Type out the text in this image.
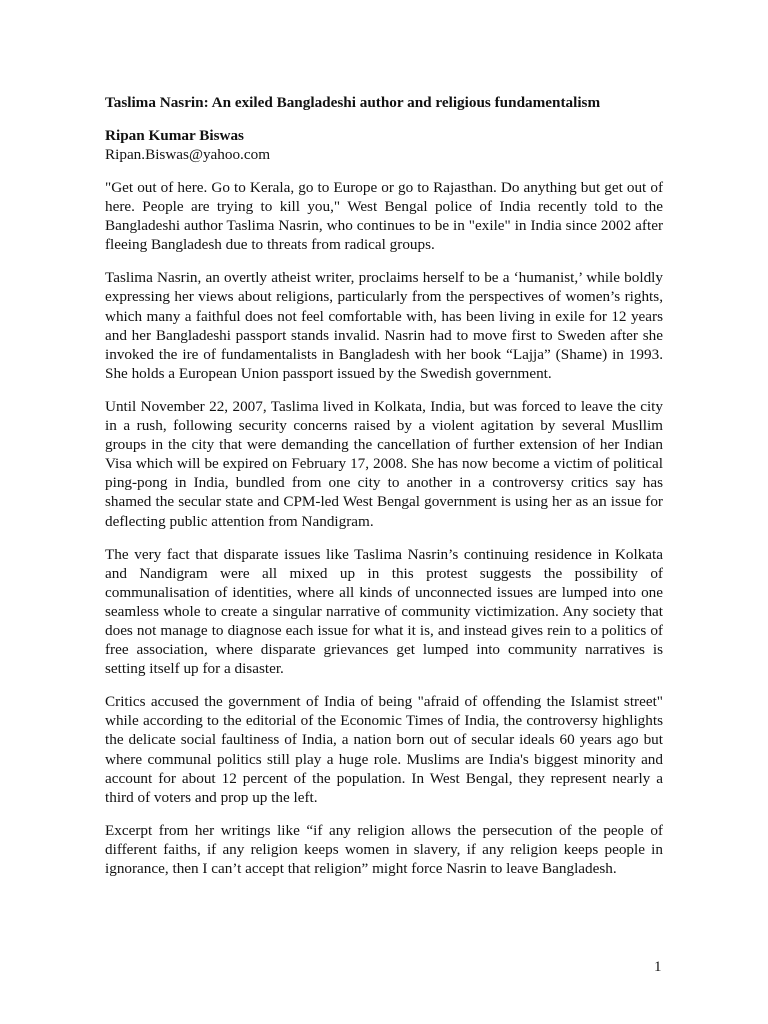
Taslima Nasrin: An exiled Bangladeshi author and religious fundamentalism

Ripan Kumar Biswas

Ripan.Biswas@yahoo.com

"Get out of here. Go to Kerala, go to Europe or go to Rajasthan. Do anything but get out of here. People are trying to kill you," West Bengal police of India recently told to the Bangladeshi author Taslima Nasrin, who continues to be in "exile" in India since 2002 after fleeing Bangladesh due to threats from radical groups.

Taslima Nasrin, an overtly atheist writer, proclaims herself to be a ‘humanist,’ while boldly expressing her views about religions, particularly from the perspectives of women’s rights, which many a faithful does not feel comfortable with, has been living in exile for 12 years and her Bangladeshi passport stands invalid. Nasrin had to move first to Sweden after she invoked the ire of fundamentalists in Bangladesh with her book “Lajja” (Shame) in 1993. She holds a European Union passport issued by the Swedish government.

Until November 22, 2007, Taslima lived in Kolkata, India, but was forced to leave the city in a rush, following security concerns raised by a violent agitation by several Musllim groups in the city that were demanding the cancellation of further extension of her Indian Visa which will be expired on February 17, 2008. She has now become a victim of political ping-pong in India, bundled from one city to another in a controversy critics say has shamed the secular state and CPM-led West Bengal government is using her as an issue for deflecting public attention from Nandigram.

The very fact that disparate issues like Taslima Nasrin’s continuing residence in Kolkata and Nandigram were all mixed up in this protest suggests the possibility of communalisation of identities, where all kinds of unconnected issues are lumped into one seamless whole to create a singular narrative of community victimization. Any society that does not manage to diagnose each issue for what it is, and instead gives rein to a politics of free association, where disparate grievances get lumped into community narratives is setting itself up for a disaster.

Critics accused the government of India of being "afraid of offending the Islamist street" while according to the editorial of the Economic Times of India, the controversy highlights the delicate social faultiness of India, a nation born out of secular ideals 60 years ago but where communal politics still play a huge role. Muslims are India's biggest minority and account for about 12 percent of the population. In West Bengal, they represent nearly a third of voters and prop up the left.

Excerpt from her writings like “if any religion allows the persecution of the people of different faiths, if any religion keeps women in slavery, if any religion keeps people in ignorance, then I can’t accept that religion” might force Nasrin to leave Bangladesh.

1
